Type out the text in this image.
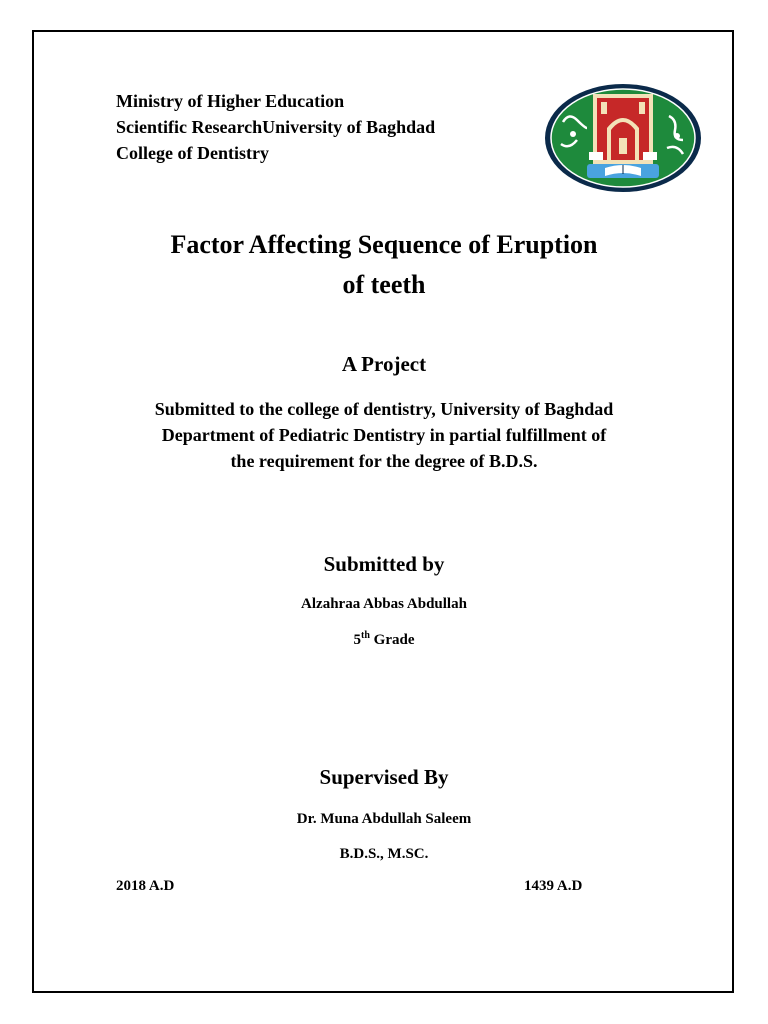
Ministry of Higher Education
Scientific ResearchUniversity of Baghdad
College of Dentistry
Factor Affecting Sequence of Eruption
of teeth
A Project
Submitted to the college of dentistry, University of Baghdad
Department of Pediatric Dentistry in partial fulfillment of
the requirement for the degree of B.D.S.
Submitted by
Alzahraa Abbas Abdullah
5th Grade
Supervised By
Dr. Muna Abdullah Saleem
B.D.S., M.SC.
2018 A.D	1439 A.D
